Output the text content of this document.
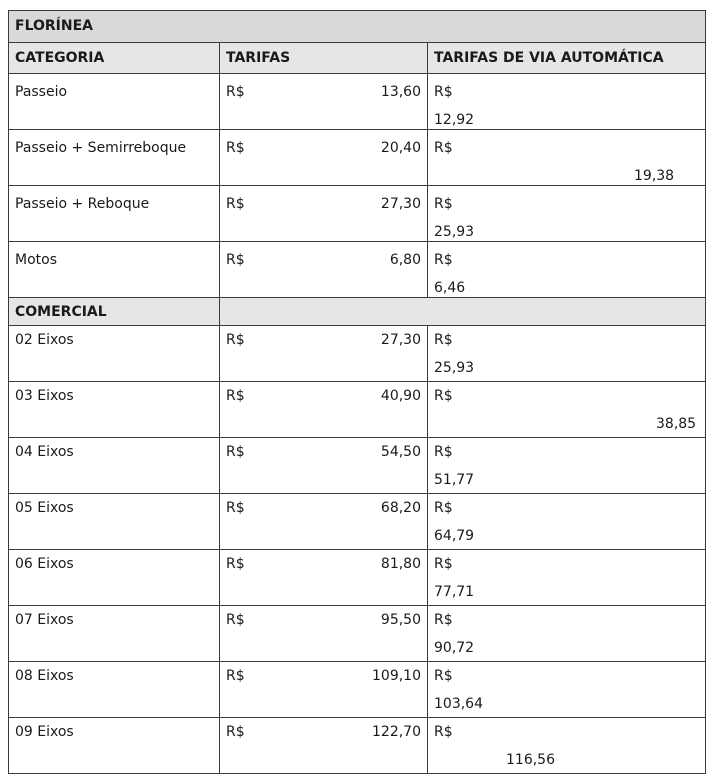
FLORÍNEA		

CATEGORIA	TARIFAS	TARIFAS DE VIA AUTOMÁTICA

Passeio	R$ 13,60	R$
12,92

Passeio + Semirreboque	R$ 20,40	R$
19,38

Passeio + Reboque	R$ 27,30	R$
25,93

Motos	R$ 6,80	R$
6,46

COMERCIAL		

02 Eixos	R$ 27,30	R$
25,93

03 Eixos	R$ 40,90	R$
38,85

04 Eixos	R$ 54,50	R$
51,77

05 Eixos	R$ 68,20	R$
64,79

06 Eixos	R$ 81,80	R$
77,71

07 Eixos	R$ 95,50	R$
90,72

08 Eixos	R$ 109,10	R$
103,64

09 Eixos	R$ 122,70	R$
116,56
